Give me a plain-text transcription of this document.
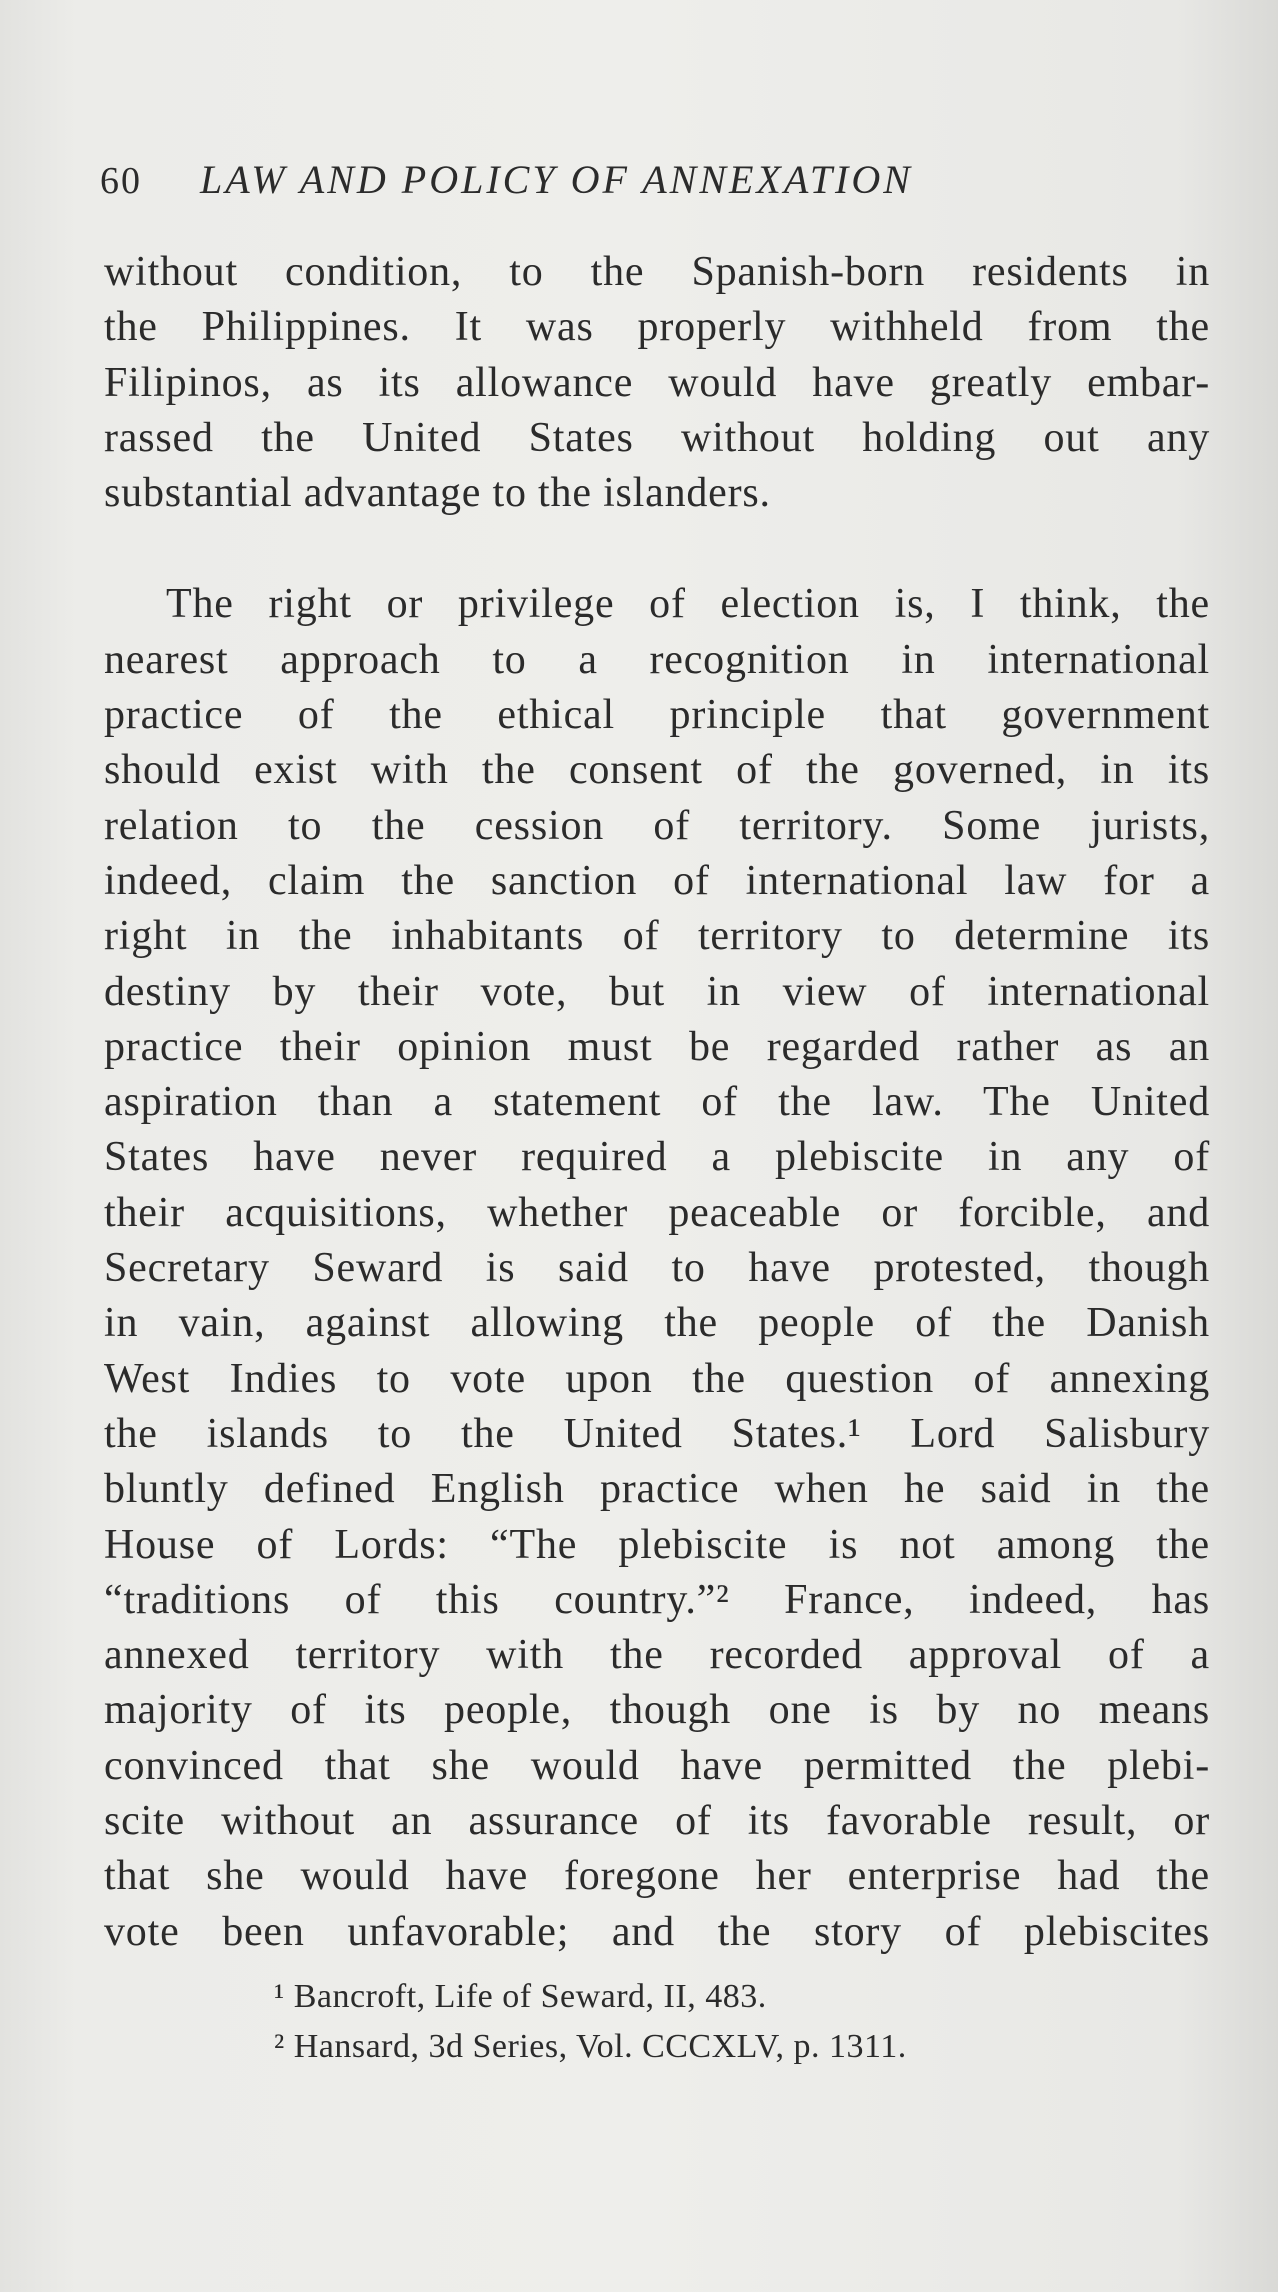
60 LAW AND POLICY OF ANNEXATION
without condition, to the Spanish-born residents in
the Philippines. It was properly withheld from the
Filipinos, as its allowance would have greatly embar-
rassed the United States without holding out any
substantial advantage to the islanders.
The right or privilege of election is, I think, the
nearest approach to a recognition in international
practice of the ethical principle that government
should exist with the consent of the governed, in its
relation to the cession of territory. Some jurists,
indeed, claim the sanction of international law for a
right in the inhabitants of territory to determine its
destiny by their vote, but in view of international
practice their opinion must be regarded rather as an
aspiration than a statement of the law. The United
States have never required a plebiscite in any of
their acquisitions, whether peaceable or forcible, and
Secretary Seward is said to have protested, though
in vain, against allowing the people of the Danish
West Indies to vote upon the question of annexing
the islands to the United States.¹ Lord Salisbury
bluntly defined English practice when he said in the
House of Lords: “The plebiscite is not among the
“traditions of this country.”² France, indeed, has
annexed territory with the recorded approval of a
majority of its people, though one is by no means
convinced that she would have permitted the plebi-
scite without an assurance of its favorable result, or
that she would have foregone her enterprise had the
vote been unfavorable; and the story of plebiscites
¹ Bancroft, Life of Seward, II, 483.
² Hansard, 3d Series, Vol. CCCXLV, p. 1311.
